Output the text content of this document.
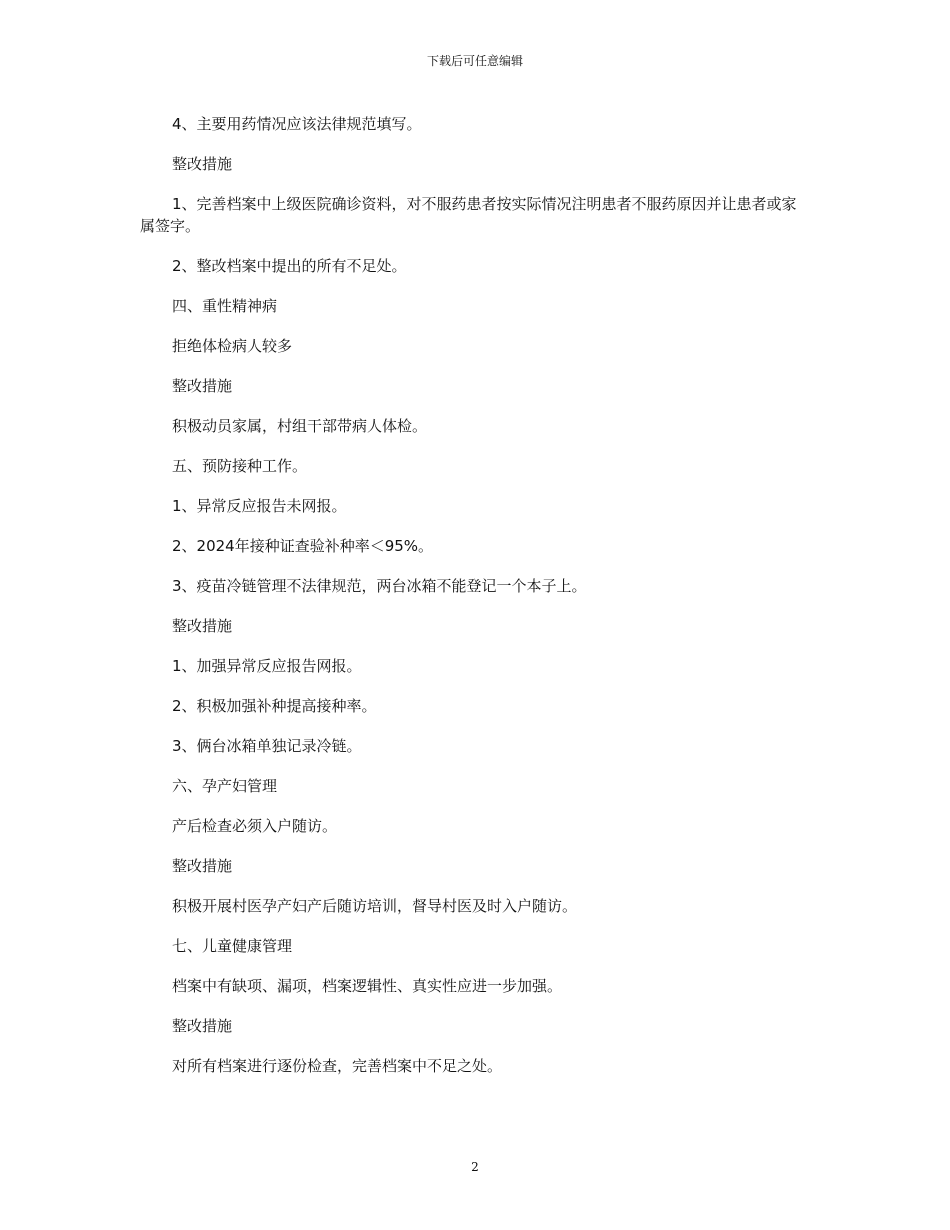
下载后可任意编辑

4、主要用药情况应该法律规范填写。

整改措施

1、完善档案中上级医院确诊资料，对不服药患者按实际情况注明患者不服药原因并让患者或家属签字。

2、整改档案中提出的所有不足处。

四、重性精神病

拒绝体检病人较多

整改措施

积极动员家属，村组干部带病人体检。

五、预防接种工作。

1、异常反应报告未网报。

2、2024年接种证查验补种率＜95%。

3、疫苗冷链管理不法律规范，两台冰箱不能登记一个本子上。

整改措施

1、加强异常反应报告网报。

2、积极加强补种提高接种率。

3、俩台冰箱单独记录冷链。

六、孕产妇管理

产后检查必须入户随访。

整改措施

积极开展村医孕产妇产后随访培训，督导村医及时入户随访。

七、儿童健康管理

档案中有缺项、漏项，档案逻辑性、真实性应进一步加强。

整改措施

对所有档案进行逐份检查，完善档案中不足之处。

2
